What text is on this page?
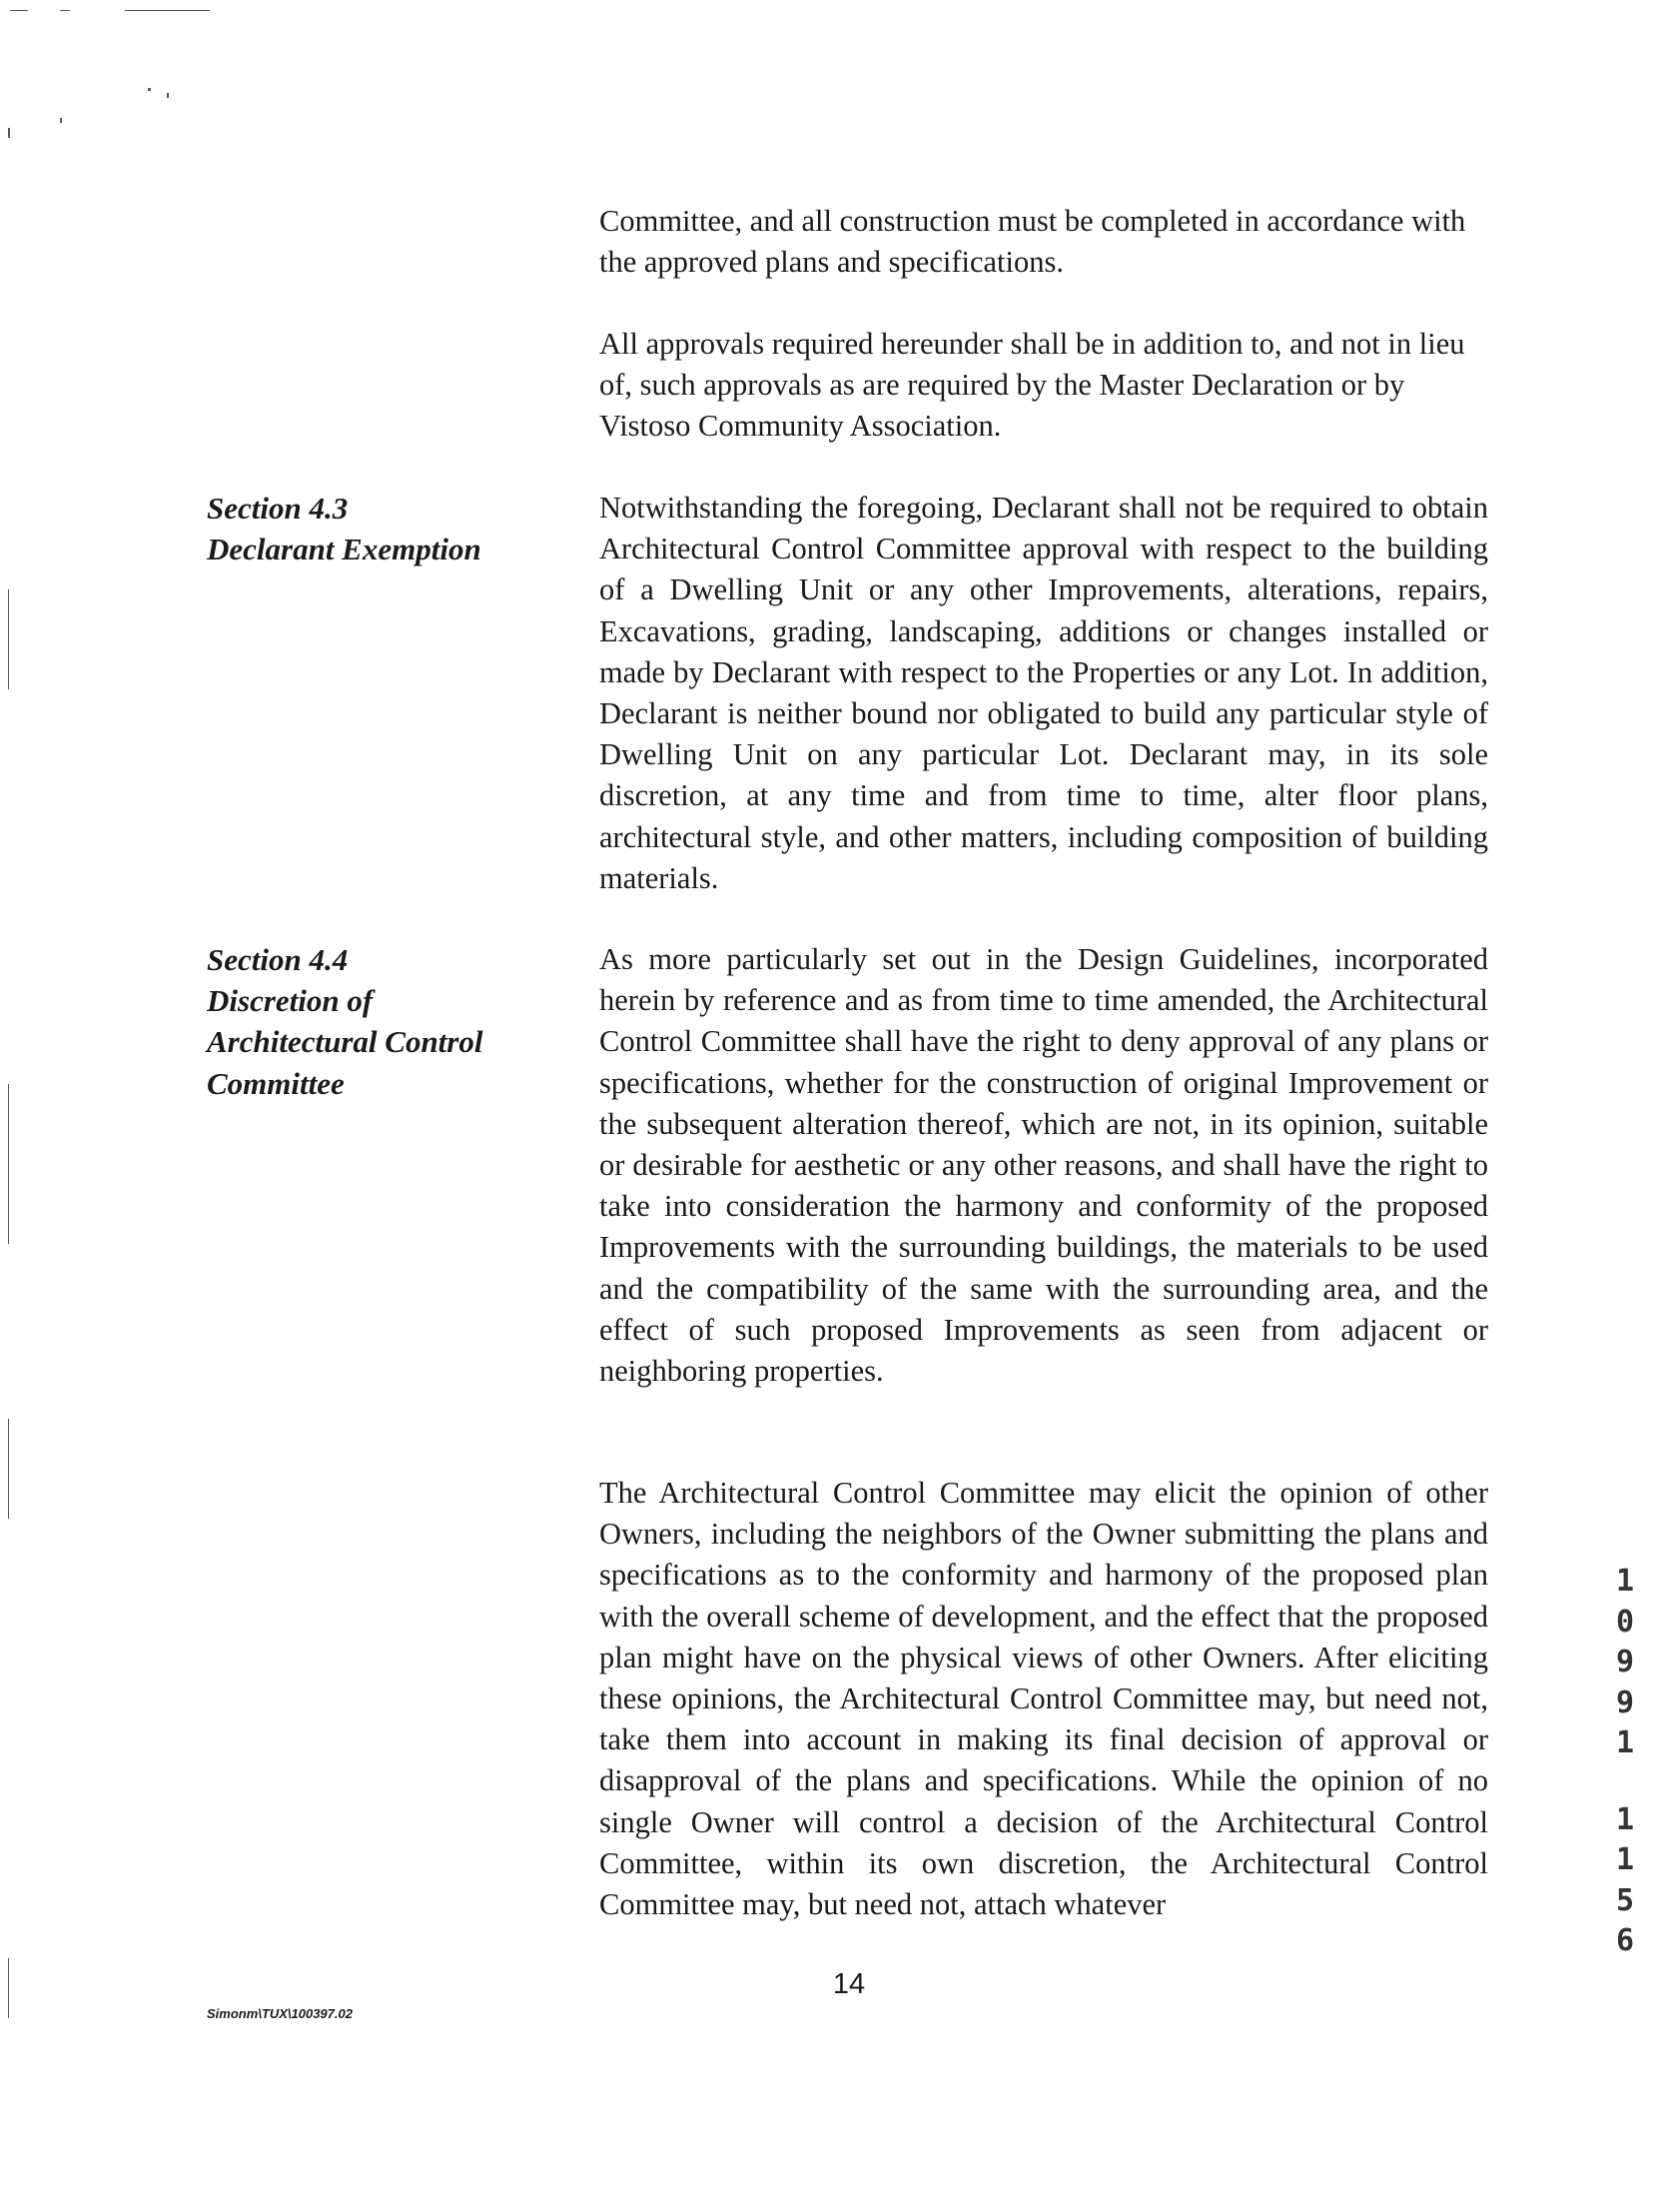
Committee, and all construction must be completed in accordance with the approved plans and specifications.

All approvals required hereunder shall be in addition to, and not in lieu of, such approvals as are required by the Master Declaration or by Vistoso Community Association.

Section 4.3
Declarant Exemption

Notwithstanding the foregoing, Declarant shall not be required to obtain Architectural Control Committee approval with respect to the building of a Dwelling Unit or any other Improvements, alterations, repairs, Excavations, grading, landscaping, additions or changes installed or made by Declarant with respect to the Properties or any Lot. In addition, Declarant is neither bound nor obligated to build any particular style of Dwelling Unit on any particular Lot. Declarant may, in its sole discretion, at any time and from time to time, alter floor plans, architectural style, and other matters, including composition of building materials.

Section 4.4
Discretion of
Architectural Control
Committee

As more particularly set out in the Design Guidelines, incorporated herein by reference and as from time to time amended, the Architectural Control Committee shall have the right to deny approval of any plans or specifications, whether for the construction of original Improvement or the subsequent alteration thereof, which are not, in its opinion, suitable or desirable for aesthetic or any other reasons, and shall have the right to take into consideration the harmony and conformity of the proposed Improvements with the surrounding buildings, the materials to be used and the compatibility of the same with the surrounding area, and the effect of such proposed Improvements as seen from adjacent or neighboring properties.

The Architectural Control Committee may elicit the opinion of other Owners, including the neighbors of the Owner submitting the plans and specifications as to the conformity and harmony of the proposed plan with the overall scheme of development, and the effect that the proposed plan might have on the physical views of other Owners. After eliciting these opinions, the Architectural Control Committee may, but need not, take them into account in making its final decision of approval or disapproval of the plans and specifications. While the opinion of no single Owner will control a decision of the Architectural Control Committee, within its own discretion, the Architectural Control Committee may, but need not, attach whatever

1
0
9
9
1
1
1
5
6
Simonm\TUX\100397.02
14
